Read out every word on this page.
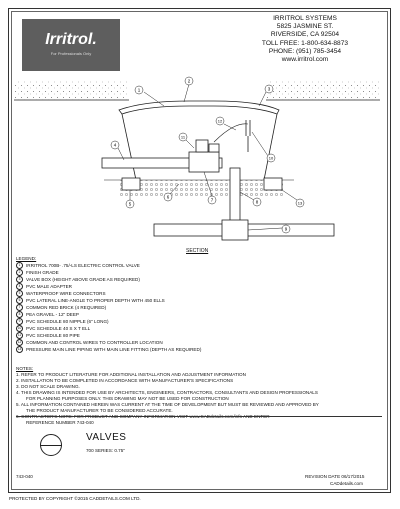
Irritrol.
For Professionals Only
IRRITROL SYSTEMS
5825 JASMINE ST.
RIVERSIDE, CA 92504
TOLL FREE: 1-800-634-8873
PHONE: (951) 785-3454
www.irritrol.com
1
2
3
4
5
6
7	8
9
10
11
12
13
SECTION
LEGEND:
1	IRRITROL 700B- .75/-LS ELECTRIC CONTROL VALVE
2	FINISH GRADE
3	VALVE BOX (HEIGHT ABOVE GRADE AS REQUIRED)
4	PVC MALE ADAPTER
5	WATERPROOF WIRE CONNECTORS
6	PVC LATERAL LINE-ANGLE TO PROPER DEPTH WITH 450 ELLS
7	COMMON RED BRICK (4 REQUIRED)
8	PEA GRAVEL - 12" DEEP
9	PVC SCHEDULE 80 NIPPLE (6" LONG)
10	PVC SCHEDULE 40 S X T ELL
11	PVC SCHEDULE 80 PIPE
12	COMMON AND CONTROL WIRES TO CONTROLLER LOCATION
13	PRESSURE MAIN LINE PIPING WITH MAIN LINE FITTING (DEPTH AS REQUIRED)
NOTES:
1. REFER TO PRODUCT LITERATURE FOR ADDITIONAL INSTALLATION AND ADJUSTMENT INFORMATION
2. INSTALLATION TO BE COMPLETED IN ACCORDANCE WITH MANUFACTURER'S SPECIFICATIONS
3. DO NOT SCALE DRAWING.
4. THIS DRAWING IS INTENDED FOR USE BY ARCHITECTS, ENGINEERS, CONTRACTORS, CONSULTANTS AND DESIGN PROFESSIONALS
FOR PLANNING PURPOSES ONLY. THIS DRAWING MAY NOT BE USED FOR CONSTRUCTION
5. ALL INFORMATION CONTAINED HEREIN WAS CURRENT AT THE TIME OF DEVELOPMENT BUT MUST BE REVIEWED AND APPROVED BY
THE PRODUCT MANUFACTURER TO BE CONSIDERED ACCURATE.
6. CONTRACTOR'S NOTE: FOR PRODUCT AND COMPANY INFORMATION VISIT www.CADdetails.com/info AND ENTER
REFERENCE NUMBER 743-040
VALVES
700 SERIES: 0.75"
743-040	REVISION DATE 06/17/2015
CADdetails.com
PROTECTED BY COPYRIGHT ©2015 CADDETAILS.COM LTD.
